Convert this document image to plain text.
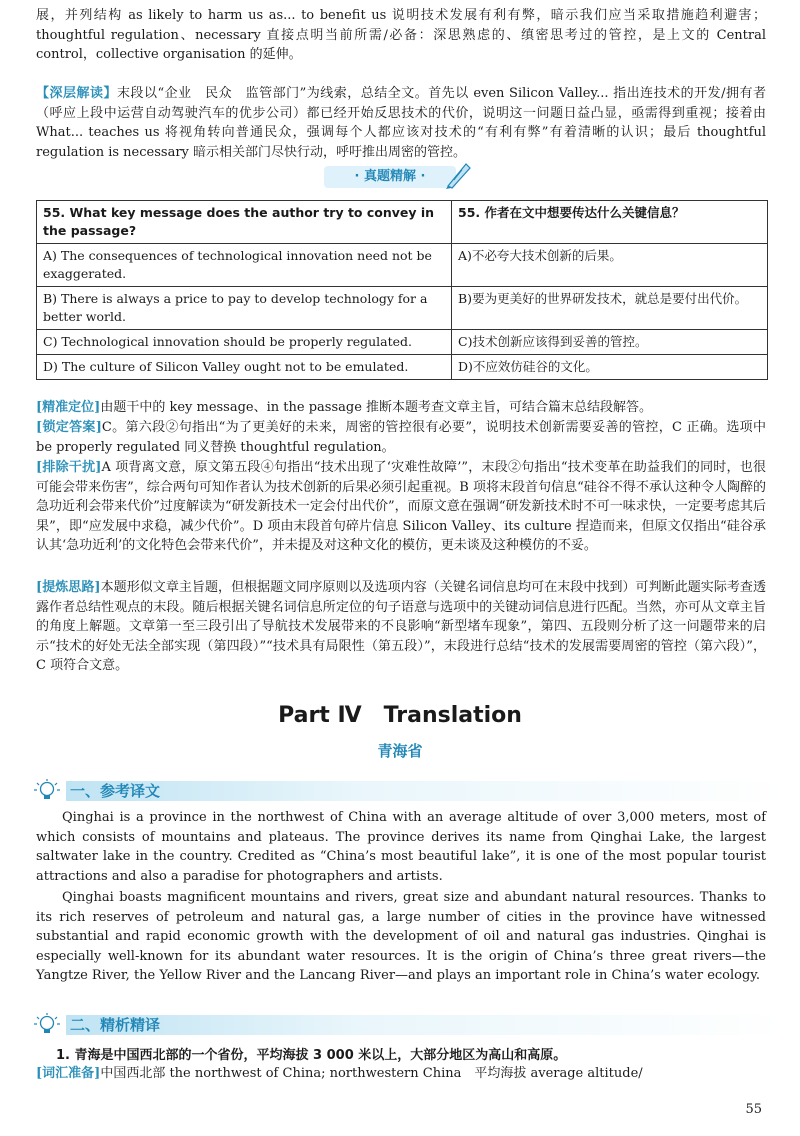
展，并列结构 as likely to harm us as... to benefit us 说明技术发展有利有弊，暗示我们应当采取措施趋利避害；thoughtful regulation、necessary 直接点明当前所需/必备：深思熟虑的、缜密思考过的管控，是上文的 Central control，collective organisation 的延伸。

【深层解读】末段以“企业　民众　监管部门”为线索，总结全文。首先以 even Silicon Valley... 指出连技术的开发/拥有者（呼应上段中运营自动驾驶汽车的优步公司）都已经开始反思技术的代价，说明这一问题日益凸显，亟需得到重视；接着由 What... teaches us 将视角转向普通民众，强调每个人都应该对技术的“有利有弊”有着清晰的认识；最后 thoughtful regulation is necessary 暗示相关部门尽快行动，呼吁推出周密的管控。

· 真题精解 ·
55. What key message does the author try to convey in the passage?	55. 作者在文中想要传达什么关键信息？
A) The consequences of technological innovation need not be exaggerated.	A)不必夸大技术创新的后果。
B) There is always a price to pay to develop technology for a better world.	B)要为更美好的世界研发技术，就总是要付出代价。
C) Technological innovation should be properly regulated.	C)技术创新应该得到妥善的管控。
D) The culture of Silicon Valley ought not to be emulated.	D)不应效仿硅谷的文化。

[精准定位]由题干中的 key message、in the passage 推断本题考查文章主旨，可结合篇末总结段解答。

[锁定答案]C。第六段②句指出“为了更美好的未来，周密的管控很有必要”，说明技术创新需要妥善的管控，C 正确。选项中 be properly regulated 同义替换 thoughtful regulation。

[排除干扰]A 项背离文意，原文第五段④句指出“技术出现了‘灾难性故障’”，末段②句指出“技术变革在助益我们的同时，也很可能会带来伤害”，综合两句可知作者认为技术创新的后果必须引起重视。B 项将末段首句信息“硅谷不得不承认这种令人陶醉的急功近利会带来代价”过度解读为“研发新技术一定会付出代价”，而原文意在强调“研发新技术时不可一味求快，一定要考虑其后果”，即“应发展中求稳，减少代价”。D 项由末段首句碎片信息 Silicon Valley、its culture 捏造而来，但原文仅指出“硅谷承认其‘急功近利’的文化特色会带来代价”，并未提及对这种文化的模仿，更未谈及这种模仿的不妥。

[提炼思路]本题形似文章主旨题，但根据题文同序原则以及选项内容（关键名词信息均可在末段中找到）可判断此题实际考查透露作者总结性观点的末段。随后根据关键名词信息所定位的句子语意与选项中的关键动词信息进行匹配。当然，亦可从文章主旨的角度上解题。文章第一至三段引出了导航技术发展带来的不良影响“新型堵车现象”，第四、五段则分析了这一问题带来的启示“技术的好处无法全部实现（第四段）”“技术具有局限性（第五段）”，末段进行总结“技术的发展需要周密的管控（第六段）”，C 项符合文意。

Part Ⅳ　Translation
青海省
一、参考译文

Qinghai is a province in the northwest of China with an average altitude of over 3,000 meters, most of which consists of mountains and plateaus. The province derives its name from Qinghai Lake, the largest saltwater lake in the country. Credited as “China’s most beautiful lake”, it is one of the most popular tourist attractions and also a paradise for photographers and artists.

Qinghai boasts magnificent mountains and rivers, great size and abundant natural resources. Thanks to its rich reserves of petroleum and natural gas, a large number of cities in the province have witnessed substantial and rapid economic growth with the development of oil and natural gas industries. Qinghai is especially well-known for its abundant water resources. It is the origin of China’s three great rivers—the Yangtze River, the Yellow River and the Lancang River—and plays an important role in China’s water ecology.

二、精析精译
1. 青海是中国西北部的一个省份，平均海拔 3 000 米以上，大部分地区为高山和高原。

[词汇准备]中国西北部 the northwest of China; northwestern China　平均海拔 average altitude/

55
